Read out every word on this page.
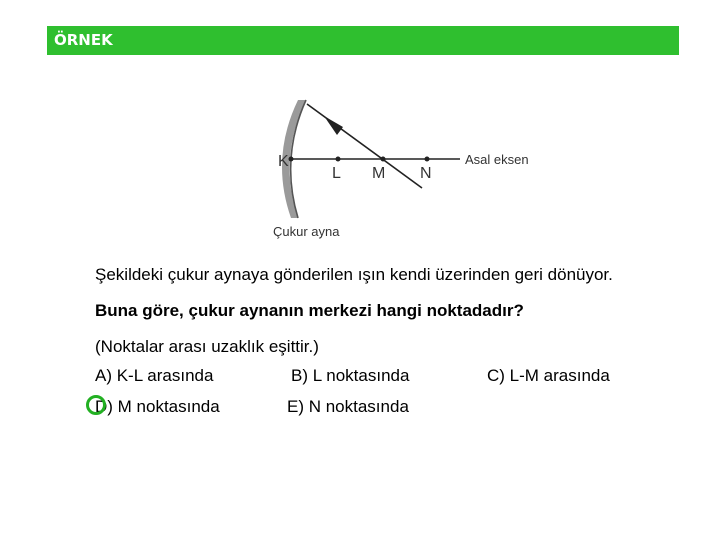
ÖRNEK
K
L M N
Asal eksen
Çukur ayna
Şekildeki çukur aynaya gönderilen ışın kendi üzerinden geri dönüyor.
Buna göre, çukur aynanın merkezi hangi noktadadır?
(Noktalar arası uzaklık eşittir.)
A) K-L arasında	B) L noktasında	C) L-M arasında
D) M noktasında	E) N noktasında
